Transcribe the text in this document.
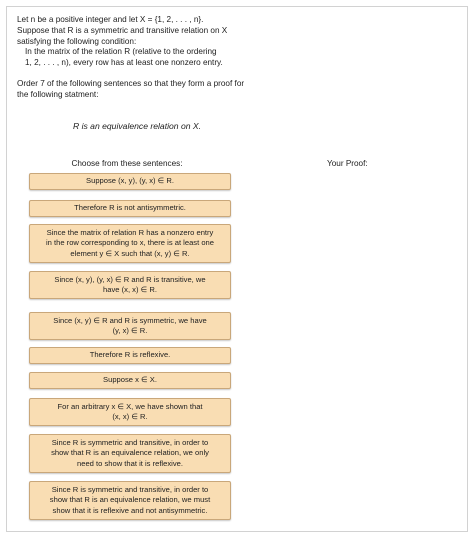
Let n be a positive integer and let X = {1, 2, . . . , n}.

Suppose that R is a symmetric and transitive relation on X

satisfying the following condition:

In the matrix of the relation R (relative to the ordering

1, 2, . . . , n), every row has at least one nonzero entry.

Order 7 of the following sentences so that they form a proof for

the following statment:

R is an equivalence relation on X.
Choose from these sentences:	Your Proof:
Suppose (x, y), (y, x) ∈ R.
Therefore R is not antisymmetric.
Since the matrix of relation R has a nonzero entry
in the row corresponding to x, there is at least one
element y ∈ X such that (x, y) ∈ R.
Since (x, y), (y, x) ∈ R and R is transitive, we
have (x, x) ∈ R.
Since (x, y) ∈ R and R is symmetric, we have
(y, x) ∈ R.
Therefore R is reflexive.
Suppose x ∈ X.
For an arbitrary x ∈ X, we have shown that
(x, x) ∈ R.
Since R is symmetric and transitive, in order to
show that R is an equivalence relation, we only
need to show that it is reflexive.
Since R is symmetric and transitive, in order to
show that R is an equivalence relation, we must
show that it is reflexive and not antisymmetric.
